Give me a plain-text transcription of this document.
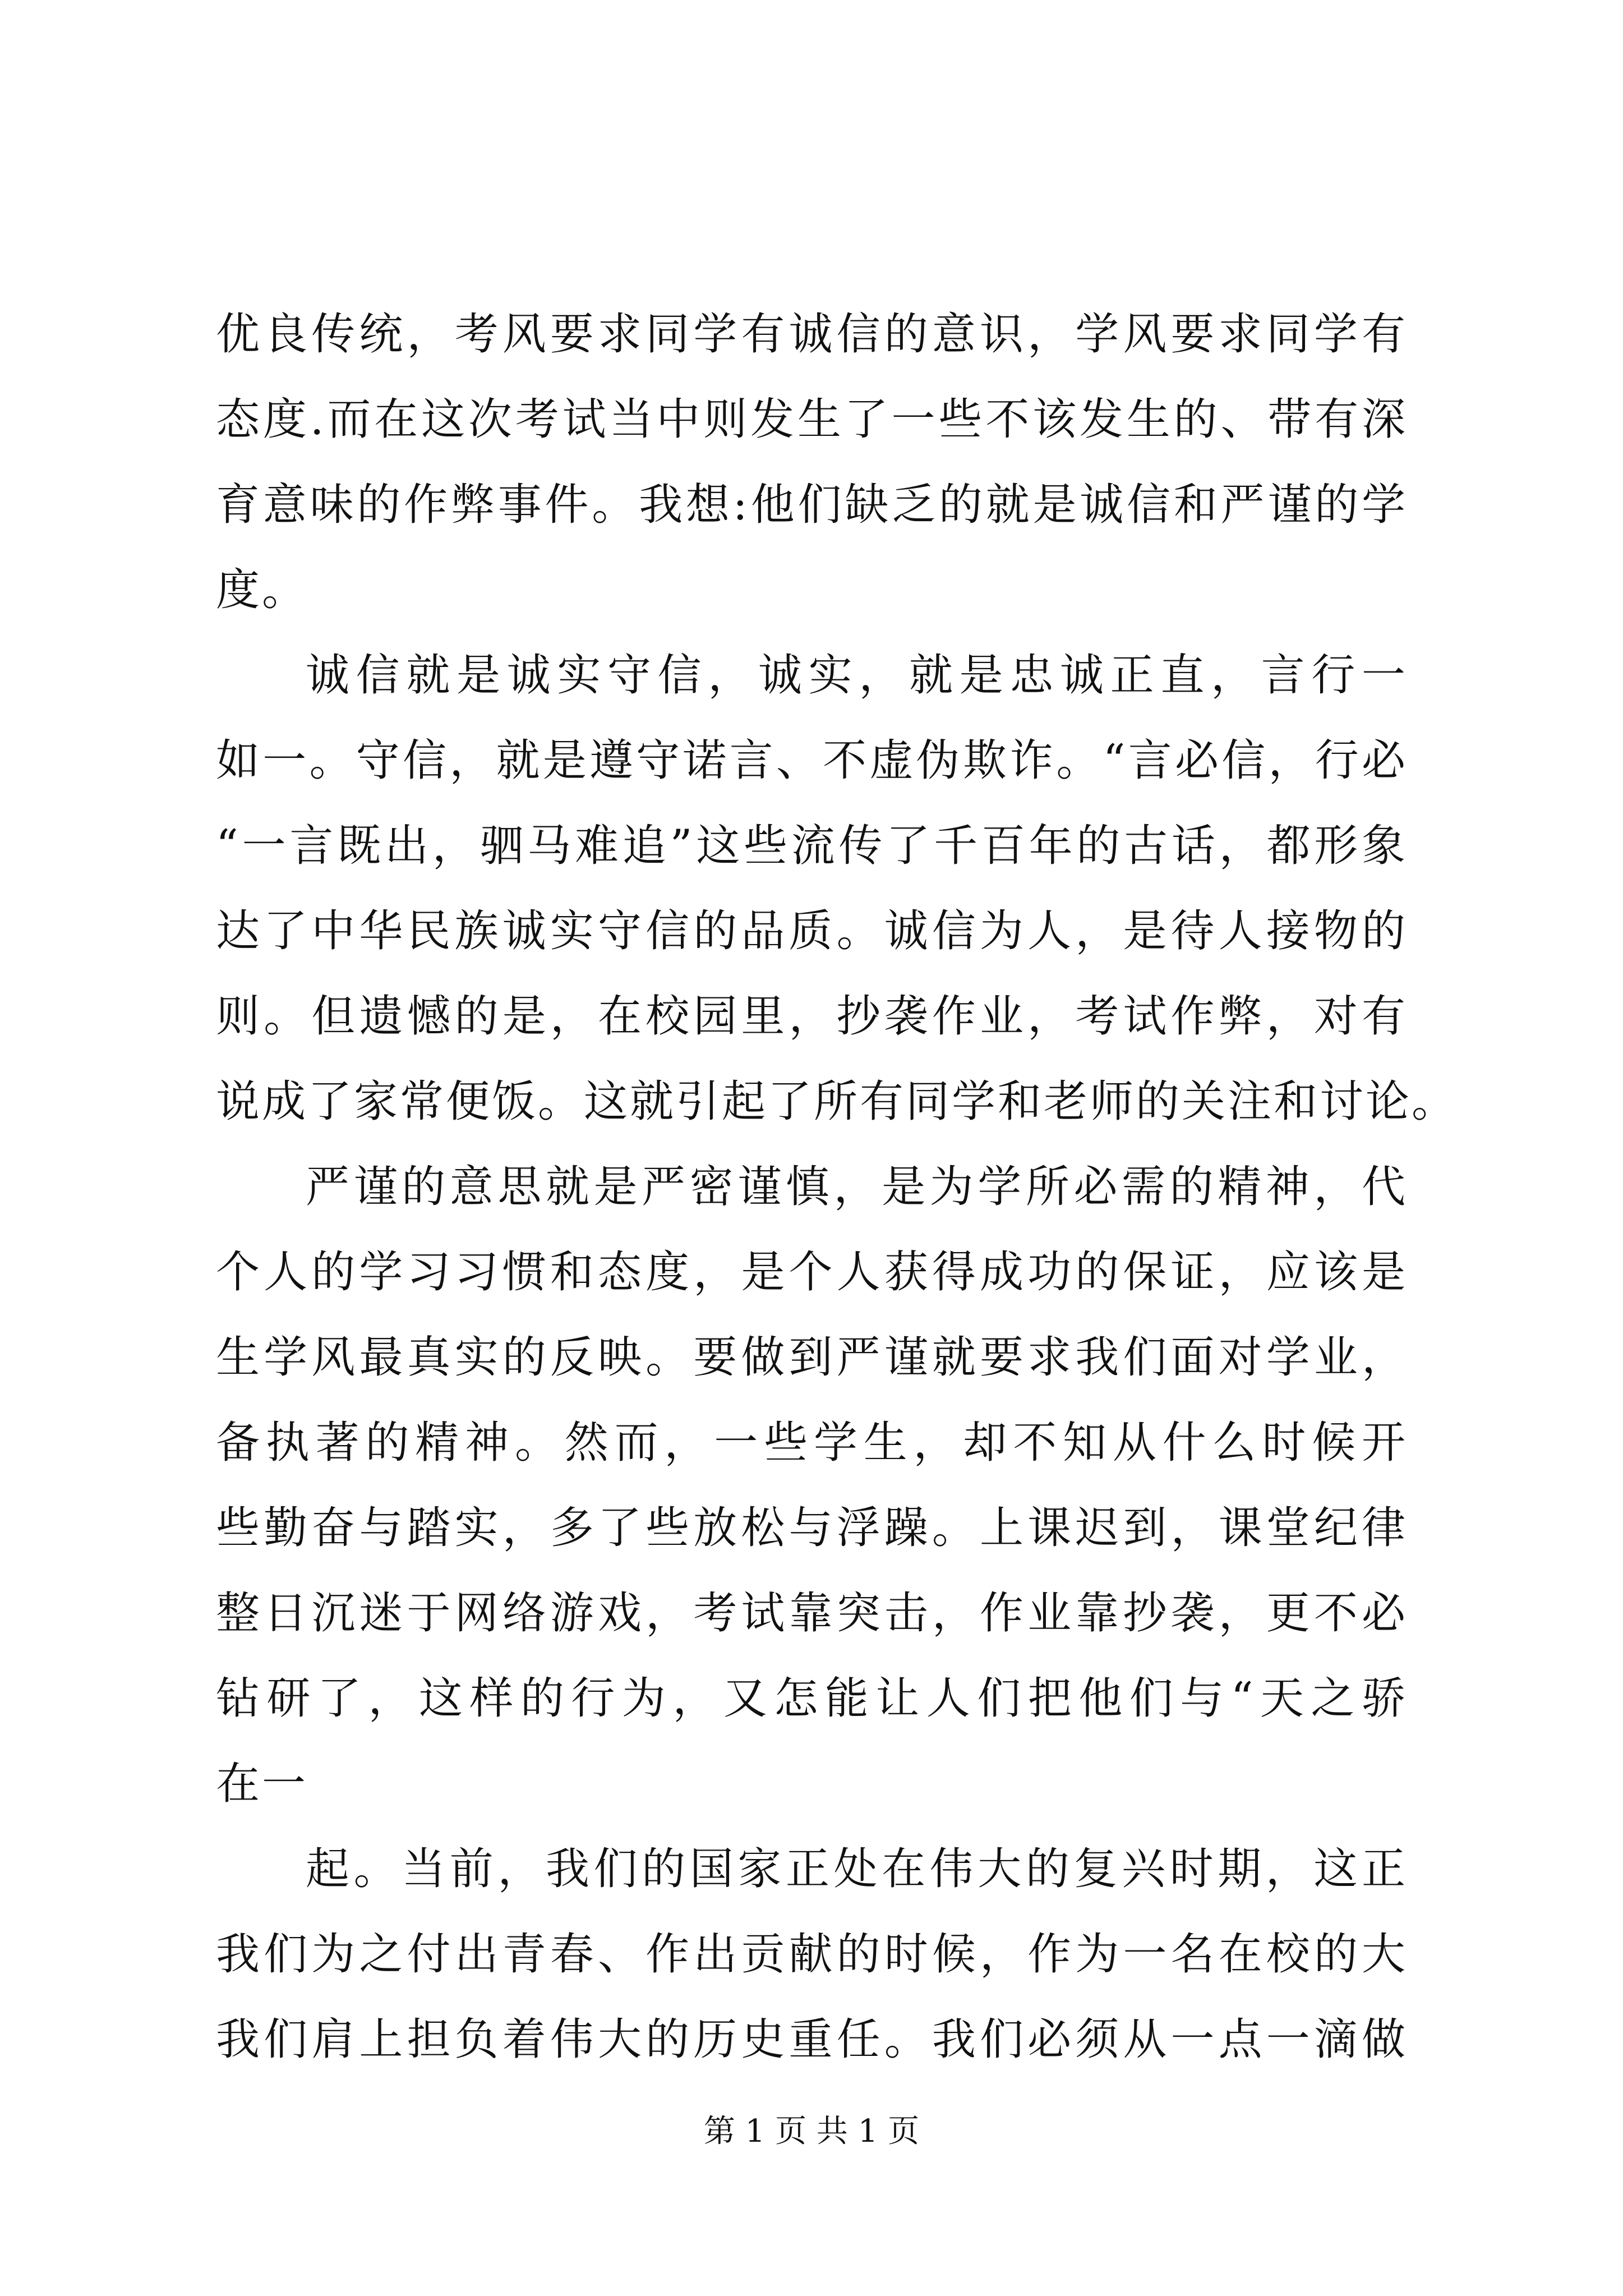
优良传统，考风要求同学有诚信的意识，学风要求同学有
态度.而在这次考试当中则发生了一些不该发生的、带有深
育意味的作弊事件。我想:他们缺乏的就是诚信和严谨的学
度。
诚信就是诚实守信，诚实，就是忠诚正直，言行一
如一。守信，就是遵守诺言、不虚伪欺诈。“言必信，行必
“一言既出，驷马难追”这些流传了千百年的古话，都形象
达了中华民族诚实守信的品质。诚信为人，是待人接物的
则。但遗憾的是，在校园里，抄袭作业，考试作弊，对有
说成了家常便饭。这就引起了所有同学和老师的关注和讨论。
严谨的意思就是严密谨慎，是为学所必需的精神，代
个人的学习习惯和态度，是个人获得成功的保证，应该是
生学风最真实的反映。要做到严谨就要求我们面对学业，
备执著的精神。然而，一些学生，却不知从什么时候开
些勤奋与踏实，多了些放松与浮躁。上课迟到，课堂纪律
整日沉迷于网络游戏，考试靠突击，作业靠抄袭，更不必
钻研了，这样的行为，又怎能让人们把他们与“天之骄
在一
起。当前，我们的国家正处在伟大的复兴时期，这正
我们为之付出青春、作出贡献的时候，作为一名在校的大
我们肩上担负着伟大的历史重任。我们必须从一点一滴做
第 1 页 共 1 页
